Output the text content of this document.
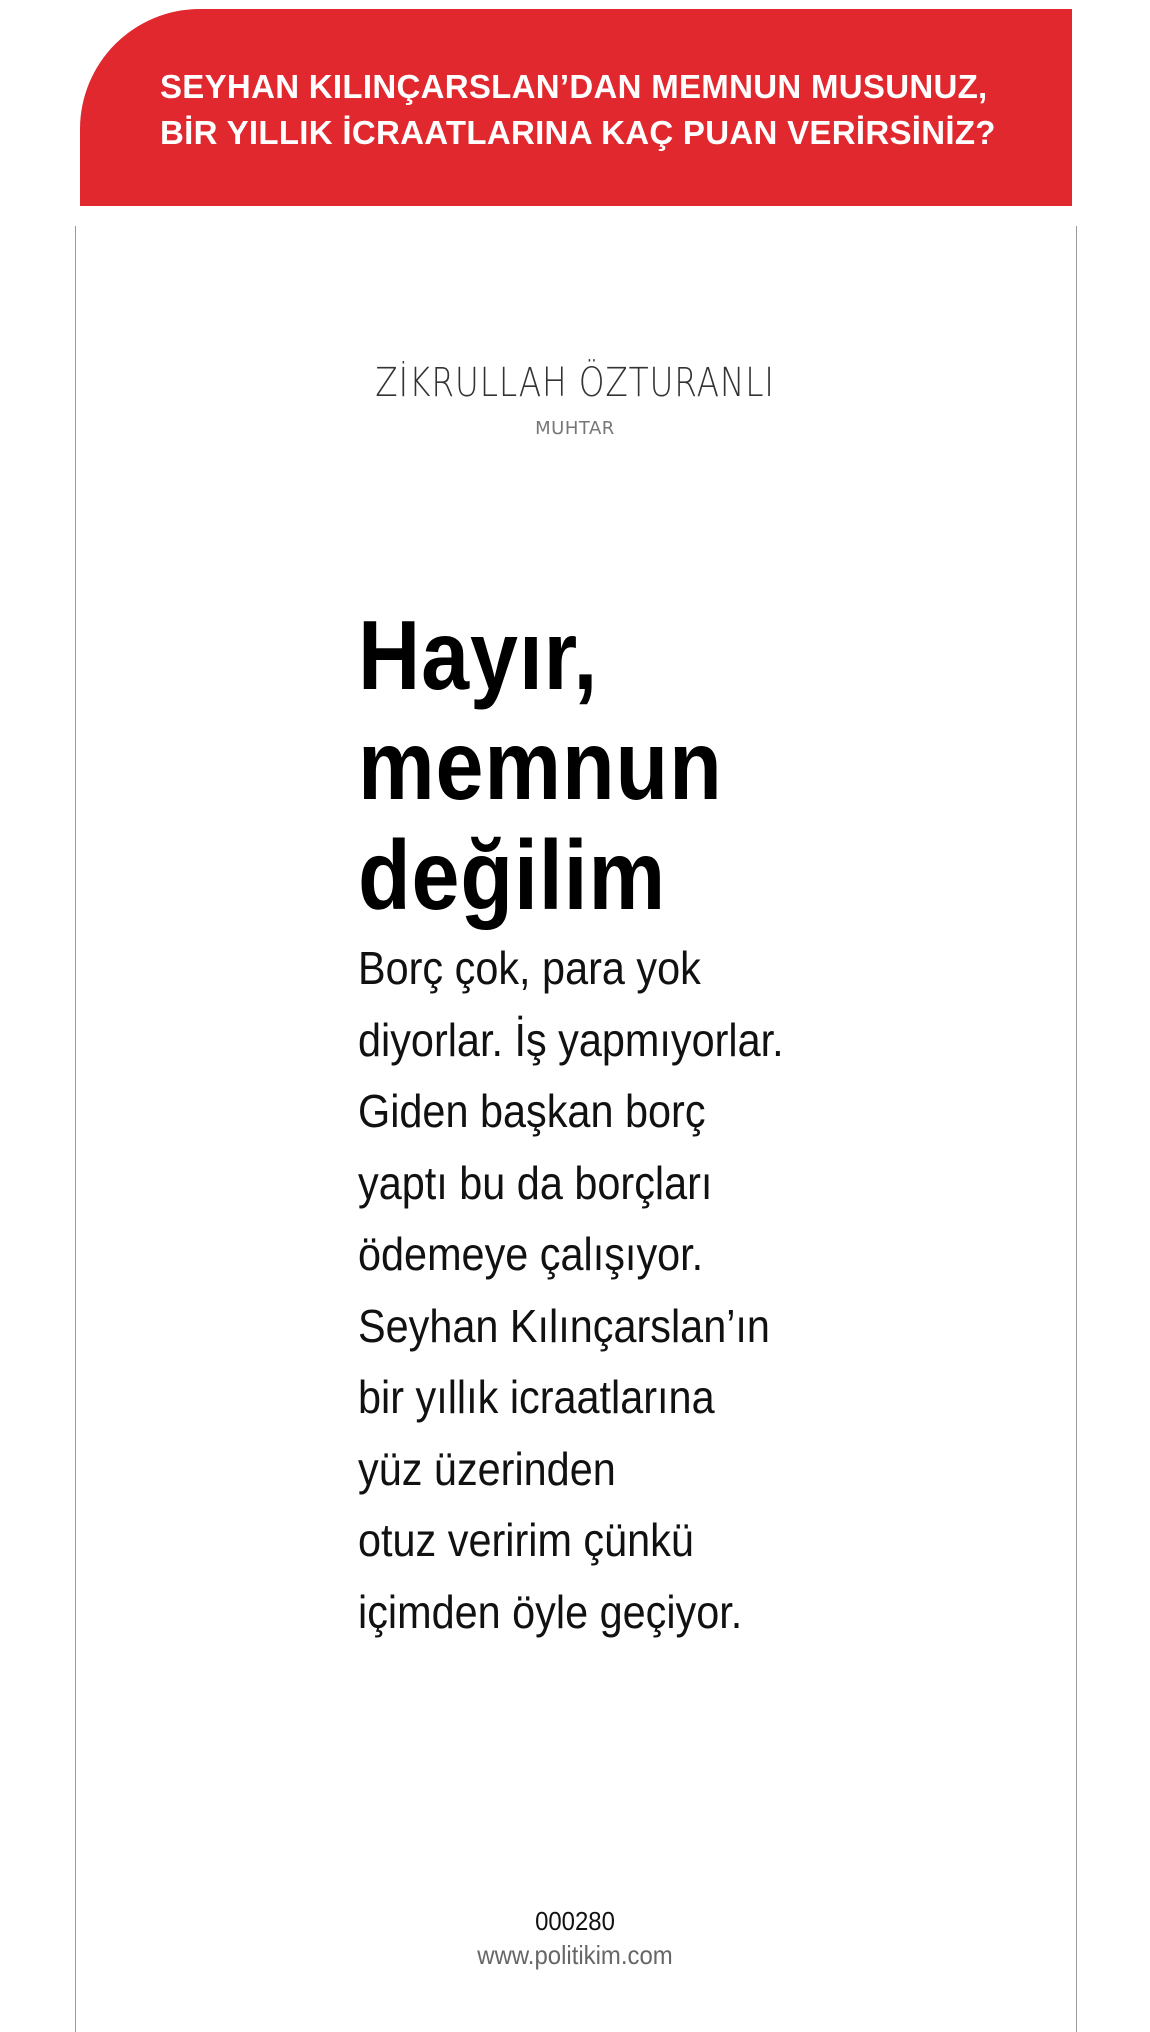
SEYHAN KILINÇARSLAN’DAN MEMNUN MUSUNUZ,
BİR YILLIK İCRAATLARINA KAÇ PUAN VERİRSİNİZ?
ZİKRULLAH ÖZTURANLI
MUHTAR
Hayır,
memnun
değilim
Borç çok, para yok
diyorlar. İş yapmıyorlar.
Giden başkan borç
yaptı bu da borçları
ödemeye çalışıyor.
Seyhan Kılınçarslan’ın
bir yıllık icraatlarına
yüz üzerinden
otuz veririm çünkü
içimden öyle geçiyor.
000280
www.politikim.com
